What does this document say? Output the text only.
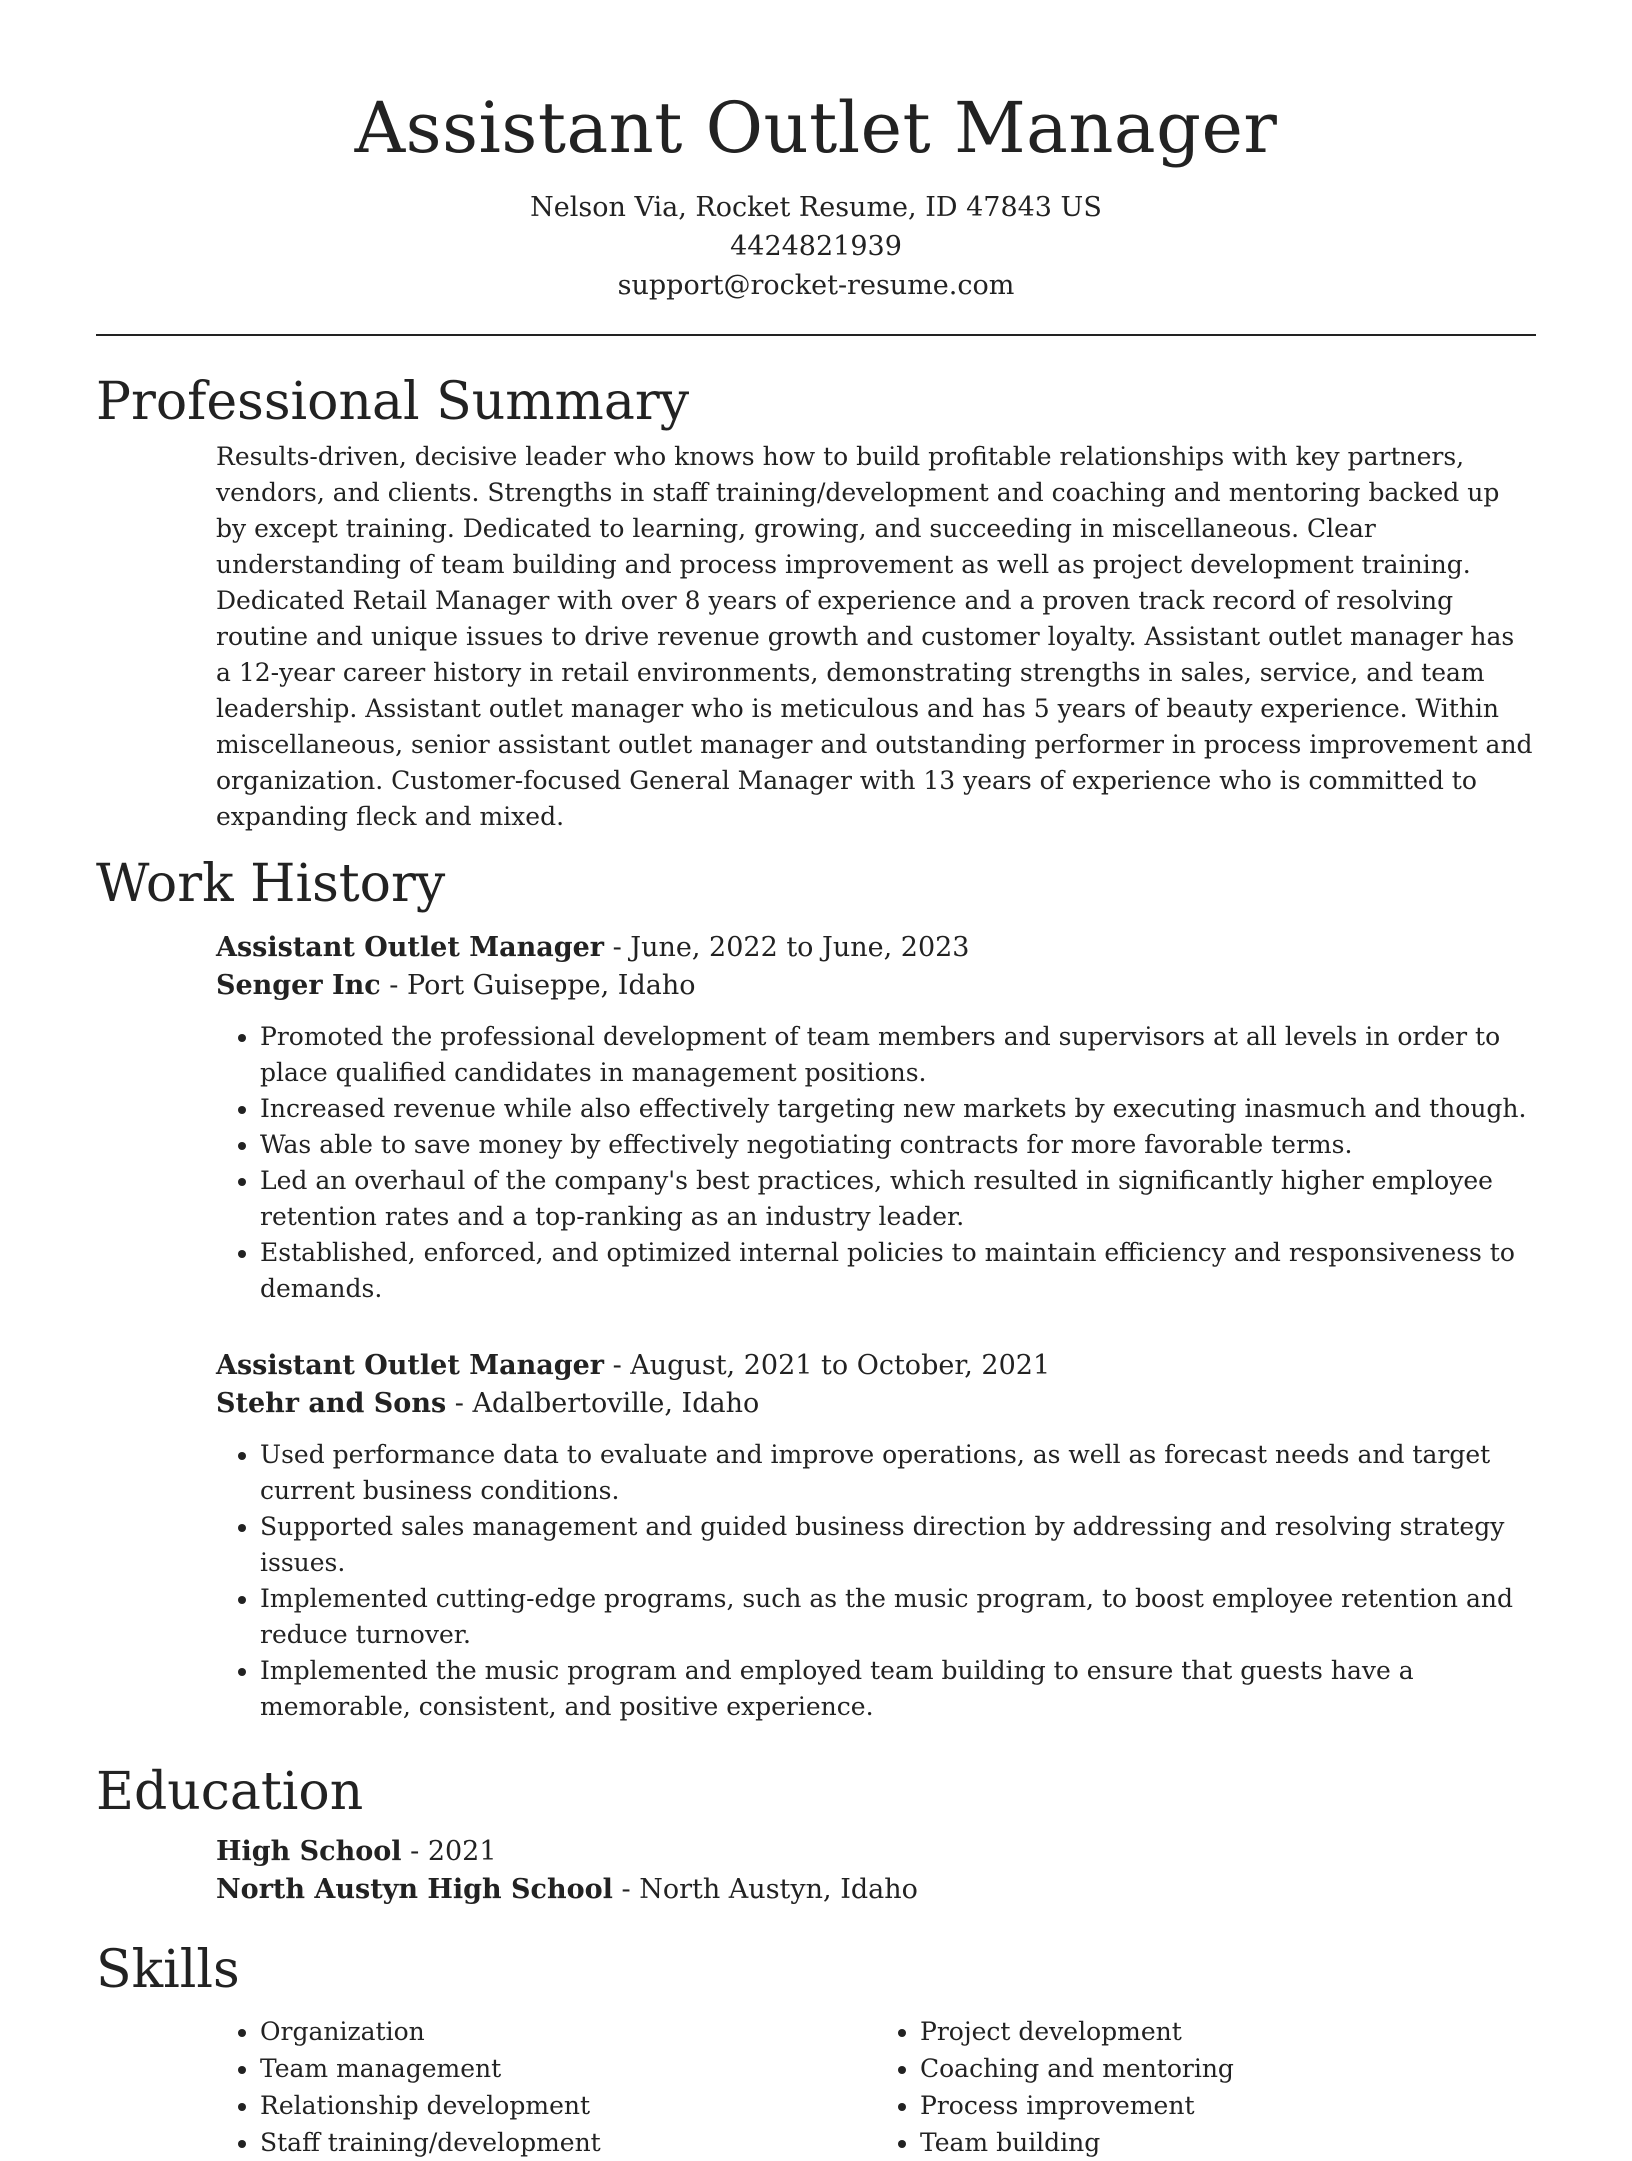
Assistant Outlet Manager
Nelson Via, Rocket Resume, ID 47843 US
4424821939
support@rocket-resume.com
Professional Summary

Results-driven, decisive leader who knows how to build profitable relationships with key partners, vendors, and clients. Strengths in staff training/development and coaching and mentoring backed up by except training. Dedicated to learning, growing, and succeeding in miscellaneous. Clear understanding of team building and process improvement as well as project development training. Dedicated Retail Manager with over 8 years of experience and a proven track record of resolving routine and unique issues to drive revenue growth and customer loyalty. Assistant outlet manager has a 12-year career history in retail environments, demonstrating strengths in sales, service, and team leadership. Assistant outlet manager who is meticulous and has 5 years of beauty experience. Within miscellaneous, senior assistant outlet manager and outstanding performer in process improvement and organization. Customer-focused General Manager with 13 years of experience who is committed to expanding fleck and mixed.

Work History
Assistant Outlet Manager - June, 2022 to June, 2023
Senger Inc - Port Guiseppe, Idaho
• Promoted the professional development of team members and supervisors at all levels in order to place qualified candidates in management positions.
• Increased revenue while also effectively targeting new markets by executing inasmuch and though.
• Was able to save money by effectively negotiating contracts for more favorable terms.
• Led an overhaul of the company's best practices, which resulted in significantly higher employee retention rates and a top-ranking as an industry leader.
• Established, enforced, and optimized internal policies to maintain efficiency and responsiveness to demands.
Assistant Outlet Manager - August, 2021 to October, 2021
Stehr and Sons - Adalbertoville, Idaho
• Used performance data to evaluate and improve operations, as well as forecast needs and target current business conditions.
• Supported sales management and guided business direction by addressing and resolving strategy issues.
• Implemented cutting-edge programs, such as the music program, to boost employee retention and reduce turnover.
• Implemented the music program and employed team building to ensure that guests have a memorable, consistent, and positive experience.
Education
High School - 2021
North Austyn High School - North Austyn, Idaho
Skills
• Organization
• Team management
• Relationship development
• Staff training/development
• Project development
• Coaching and mentoring
• Process improvement
• Team building
